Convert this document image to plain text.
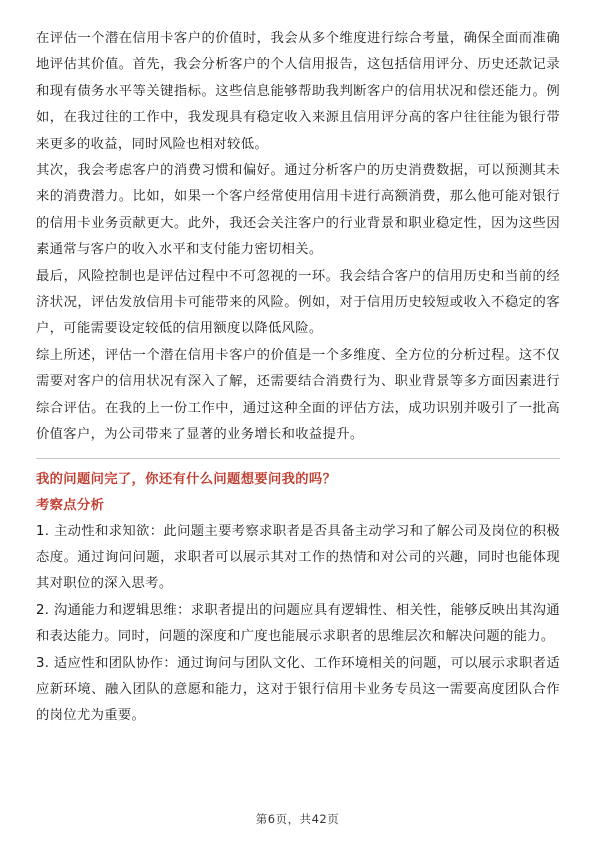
在评估一个潜在信用卡客户的价值时，我会从多个维度进行综合考量，确保全面而准确地评估其价值。首先，我会分析客户的个人信用报告，这包括信用评分、历史还款记录和现有债务水平等关键指标。这些信息能够帮助我判断客户的信用状况和偿还能力。例如，在我过往的工作中，我发现具有稳定收入来源且信用评分高的客户往往能为银行带来更多的收益，同时风险也相对较低。

其次，我会考虑客户的消费习惯和偏好。通过分析客户的历史消费数据，可以预测其未来的消费潜力。比如，如果一个客户经常使用信用卡进行高额消费，那么他可能对银行的信用卡业务贡献更大。此外，我还会关注客户的行业背景和职业稳定性，因为这些因素通常与客户的收入水平和支付能力密切相关。

最后，风险控制也是评估过程中不可忽视的一环。我会结合客户的信用历史和当前的经济状况，评估发放信用卡可能带来的风险。例如，对于信用历史较短或收入不稳定的客户，可能需要设定较低的信用额度以降低风险。

综上所述，评估一个潜在信用卡客户的价值是一个多维度、全方位的分析过程。这不仅需要对客户的信用状况有深入了解，还需要结合消费行为、职业背景等多方面因素进行综合评估。在我的上一份工作中，通过这种全面的评估方法，成功识别并吸引了一批高价值客户，为公司带来了显著的业务增长和收益提升。

我的问题问完了，你还有什么问题想要问我的吗？

考察点分析

1. 主动性和求知欲：此问题主要考察求职者是否具备主动学习和了解公司及岗位的积极态度。通过询问问题，求职者可以展示其对工作的热情和对公司的兴趣，同时也能体现其对职位的深入思考。

2. 沟通能力和逻辑思维：求职者提出的问题应具有逻辑性、相关性，能够反映出其沟通和表达能力。同时，问题的深度和广度也能展示求职者的思维层次和解决问题的能力。

3. 适应性和团队协作：通过询问与团队文化、工作环境相关的问题，可以展示求职者适应新环境、融入团队的意愿和能力，这对于银行信用卡业务专员这一需要高度团队合作的岗位尤为重要。

第6页，共42页
